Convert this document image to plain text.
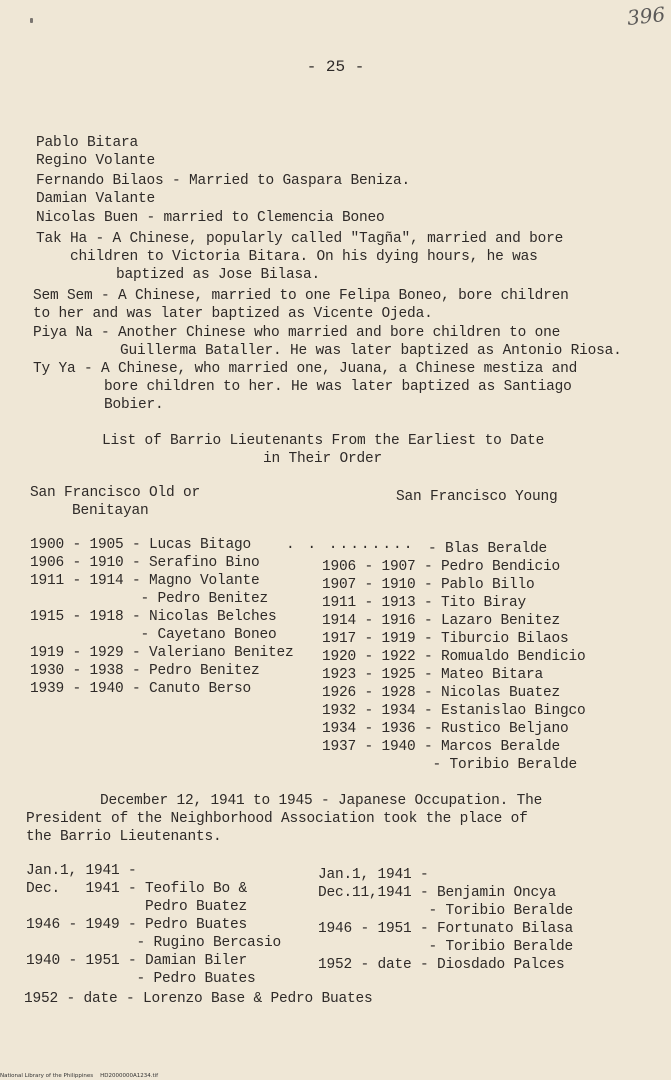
396
- 25 -
Pablo Bitara
Regino Volante
Fernando Bilaos - Married to Gaspara Beniza.
Damian Valante
Nicolas Buen - married to Clemencia Boneo
Tak Ha - A Chinese, popularly called "Tagña", married and bore
children to Victoria Bitara. On his dying hours, he was
baptized as Jose Bilasa.
Sem Sem - A Chinese, married to one Felipa Boneo, bore children
to her and was later baptized as Vicente Ojeda.
Piya Na - Another Chinese who married and bore children to one
Guillerma Bataller. He was later baptized as Antonio Riosa.
Ty Ya - A Chinese, who married one, Juana, a Chinese mestiza and
bore children to her. He was later baptized as Santiago
Bobier.
List of Barrio Lieutenants From the Earliest to Date
in Their Order
San Francisco Old or
Benitayan
San Francisco Young
1900 - 1905 - Lucas Bitago . . ........
1906 - 1910 - Serafino Bino
1911 - 1914 - Magno Volante
- Pedro Benitez
1915 - 1918 - Nicolas Belches
- Cayetano Boneo
1919 - 1929 - Valeriano Benitez
1930 - 1938 - Pedro Benitez
1939 - 1940 - Canuto Berso
- Blas Beralde
1906 - 1907 - Pedro Bendicio
1907 - 1910 - Pablo Billo
1911 - 1913 - Tito Biray
1914 - 1916 - Lazaro Benitez
1917 - 1919 - Tiburcio Bilaos
1920 - 1922 - Romualdo Bendicio
1923 - 1925 - Mateo Bitara
1926 - 1928 - Nicolas Buatez
1932 - 1934 - Estanislao Bingco
1934 - 1936 - Rustico Beljano
1937 - 1940 - Marcos Beralde
- Toribio Beralde
December 12, 1941 to 1945 - Japanese Occupation. The
President of the Neighborhood Association took the place of
the Barrio Lieutenants.
Jan.1, 1941 -
Dec.   1941 - Teofilo Bo &
Pedro Buatez
1946 - 1949 - Pedro Buates
- Rugino Bercasio
1940 - 1951 - Damian Biler
- Pedro Buates
Jan.1, 1941 -
Dec.11,1941 - Benjamin Oncya
- Toribio Beralde
1946 - 1951 - Fortunato Bilasa
- Toribio Beralde
1952 - date - Diosdado Palces
1952 - date - Lorenzo Base & Pedro Buates
National Library of the Philippines    HD2000000A1234.tif
